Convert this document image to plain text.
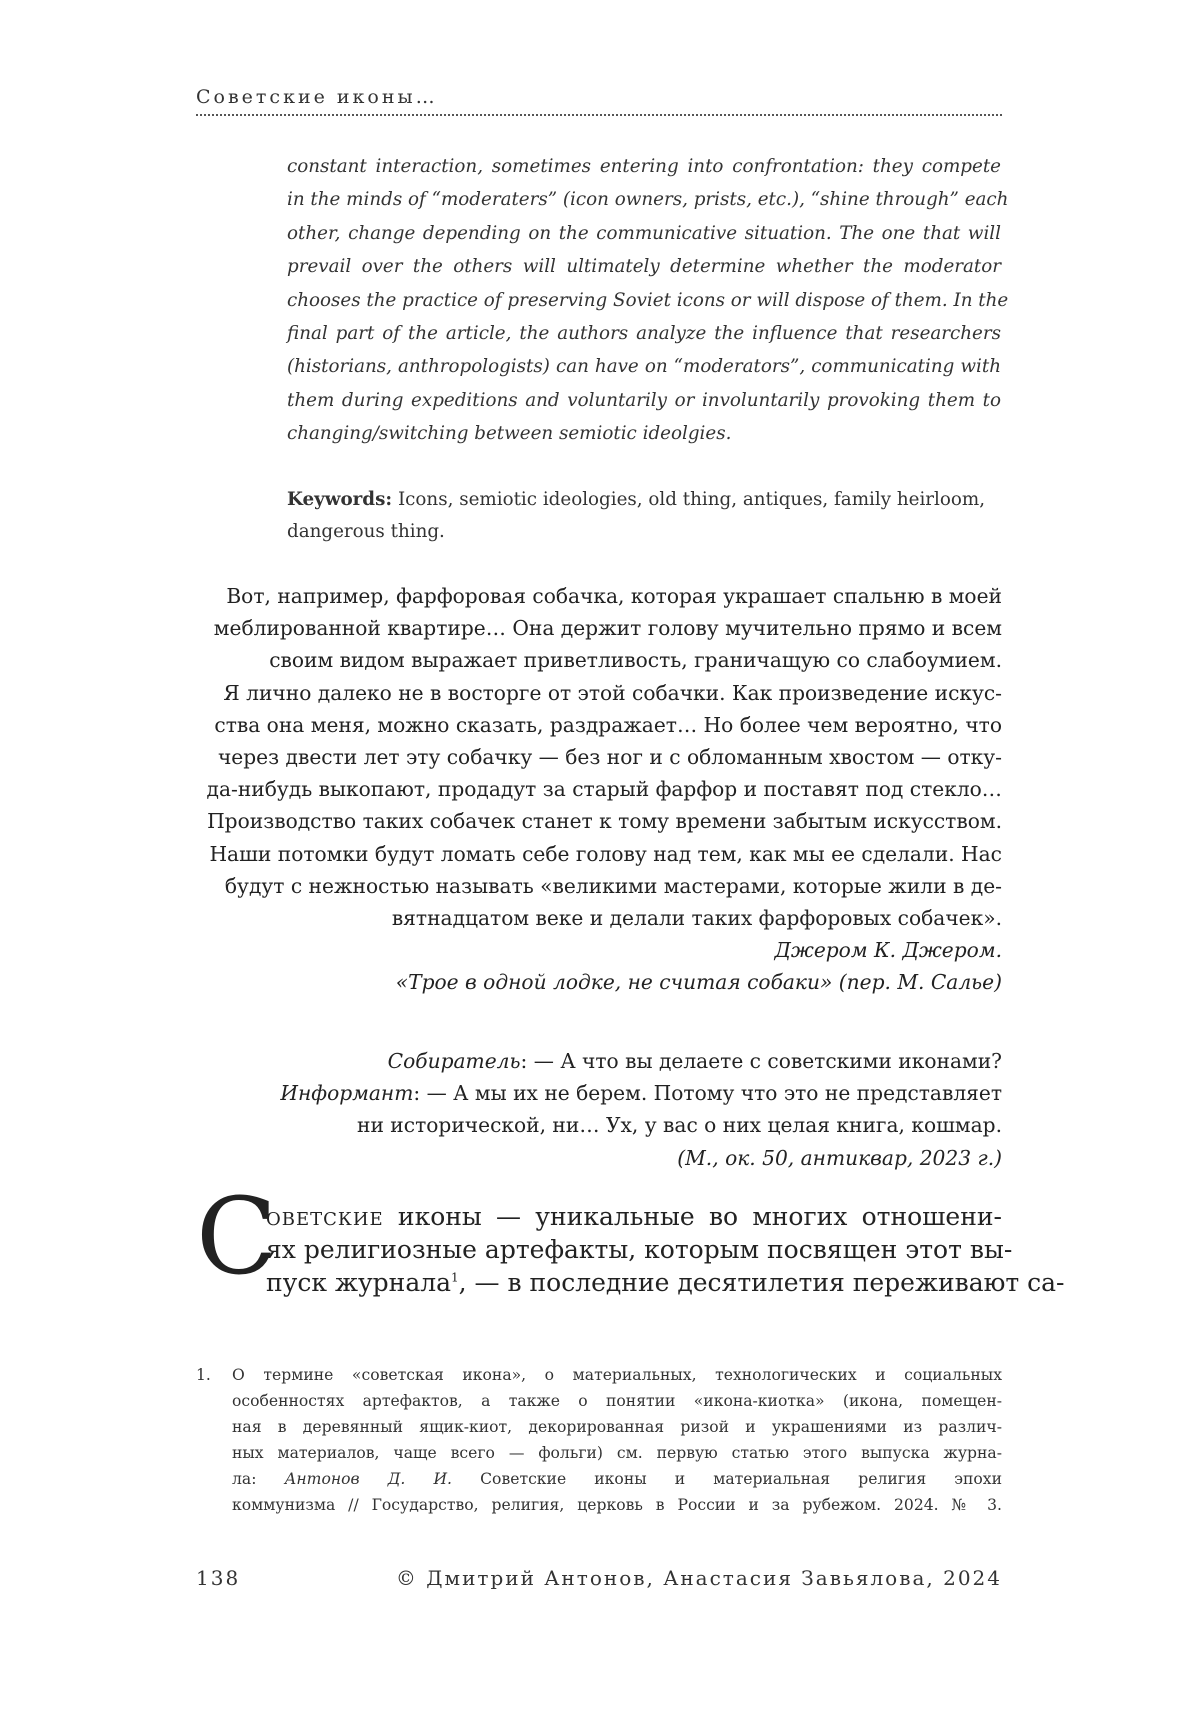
Советские иконы…

constant interaction, sometimes entering into confrontation: they compete

in the minds of “moderaters” (icon owners, prists, etc.), “shine through” each

other, change depending on the communicative situation. The one that will

prevail over the others will ultimately determine whether the moderator

chooses the practice of preserving Soviet icons or will dispose of them. In the

final part of the article, the authors analyze the influence that researchers

(historians, anthropologists) can have on “moderators”, communicating with

them during expeditions and voluntarily or involuntarily provoking them to

changing/switching between semiotic ideolgies.

Keywords: Icons, semiotic ideologies, old thing, antiques, family heirloom,
dangerous thing.
Вот, например, фарфоровая собачка, которая украшает спальню в моей
меблированной квартире… Она держит голову мучительно прямо и всем
своим видом выражает приветливость, граничащую со слабоумием.
Я лично далеко не в восторге от этой собачки. Как произведение искус-
ства она меня, можно сказать, раздражает… Но более чем вероятно, что
через двести лет эту собачку — без ног и с обломанным хвостом — отку-
да-нибудь выкопают, продадут за старый фарфор и поставят под стекло…
Производство таких собачек станет к тому времени забытым искусством.
Наши потомки будут ломать себе голову над тем, как мы ее сделали. Нас
будут с нежностью называть «великими мастерами, которые жили в де-
вятнадцатом веке и делали таких фарфоровых собачек».
Джером К. Джером.
«Трое в одной лодке, не считая собаки» (пер. М. Салье)
Собиратель: — А что вы делаете с советскими иконами?
Информант: — А мы их не берем. Потому что это не представляет
ни исторической, ни… Ух, у вас о них целая книга, кошмар.
(М., ок. 50, антиквар, 2023 г.)
С
оветские иконы — уникальные во многих отношени-
ях религиозные артефакты, которым посвящен этот вы-
пуск журнала$^1$, — в последние десятилетия переживают са-
1. О термине «советская икона», о материальных, технологических и социальных
особенностях артефактов, а также о понятии «икона-киотка» (икона, помещен-
ная в деревянный ящик-киот, декорированная ризой и украшениями из различ-
ных материалов, чаще всего — фольги) см. первую статью этого выпуска журна-
ла: Антонов Д. И. Советские иконы и материальная религия эпохи
коммунизма // Государство, религия, церковь в России и за рубежом. 2024. № 3.
138	© Дмитрий Антонов, Анастасия Завьялова, 2024
